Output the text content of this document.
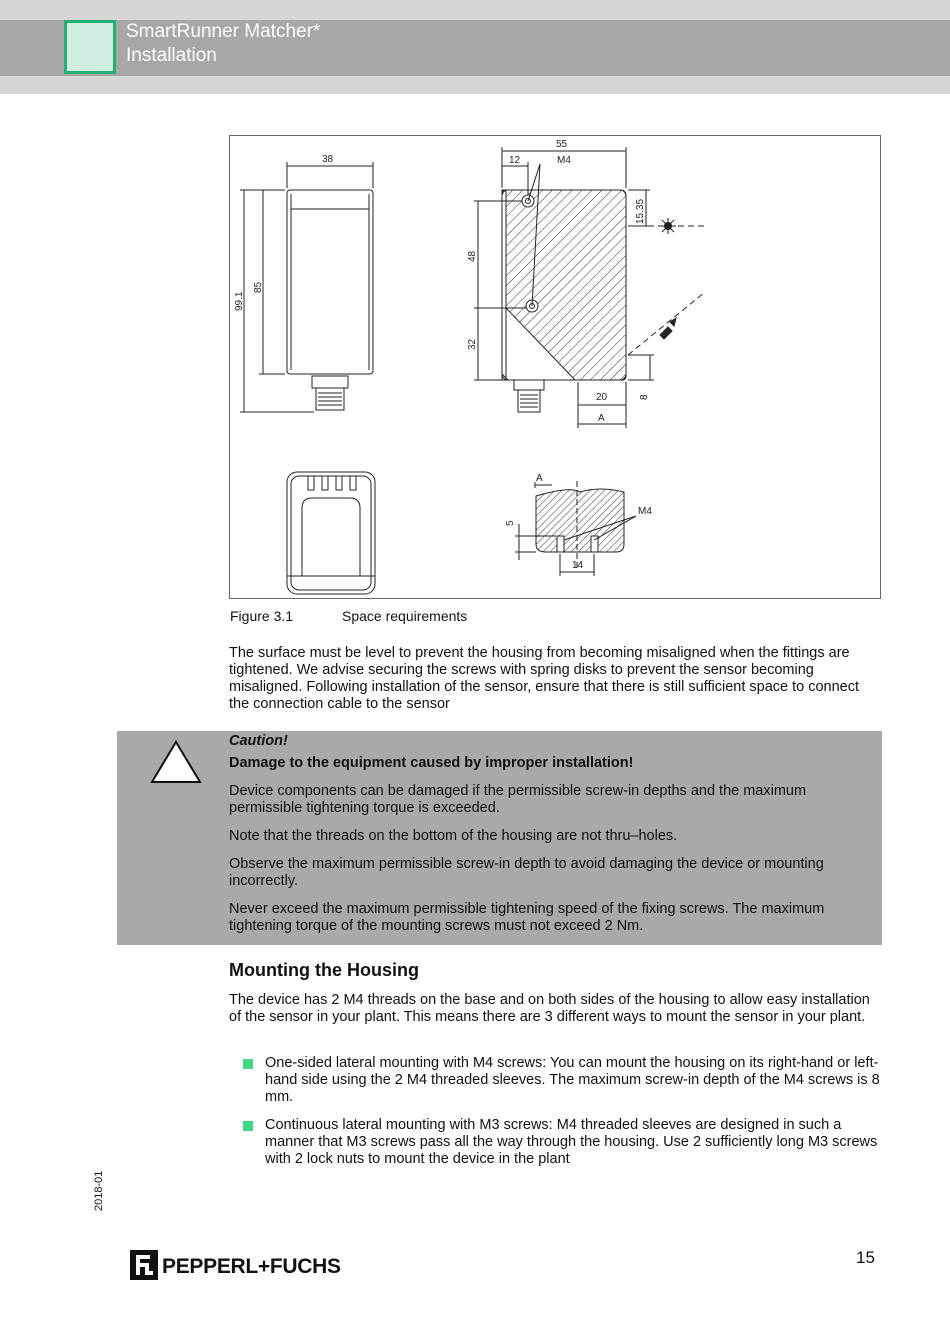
SmartRunner Matcher*
Installation
38
99.1
85
55
12	M4
15.35
48
32
20
A
8
A
5
M4
14
Figure 3.1	Space requirements

The surface must be level to prevent the housing from becoming misaligned when the fittings are tightened. We advise securing the screws with spring disks to prevent the sensor becoming misaligned. Following installation of the sensor, ensure that there is still sufficient space to connect the connection cable to the sensor

Caution!

Damage to the equipment caused by improper installation!

Device components can be damaged if the permissible screw-in depths and the maximum permissible tightening torque is exceeded.

Note that the threads on the bottom of the housing are not thru–holes.

Observe the maximum permissible screw-in depth to avoid damaging the device or mounting incorrectly.

Never exceed the maximum permissible tightening speed of the fixing screws. The maximum tightening torque of the mounting screws must not exceed 2 Nm.

Mounting the Housing

The device has 2 M4 threads on the base and on both sides of the housing to allow easy installation of the sensor in your plant. This means there are 3 different ways to mount the sensor in your plant.

One-sided lateral mounting with M4 screws: You can mount the housing on its right-hand or left-hand side using the 2 M4 threaded sleeves. The maximum screw-in depth of the M4 screws is 8 mm.
Continuous lateral mounting with M3 screws: M4 threaded sleeves are designed in such a manner that M3 screws pass all the way through the housing. Use 2 sufficiently long M3 screws with 2 lock nuts to mount the device in the plant
2018-01
PEPPERL+FUCHS	15
